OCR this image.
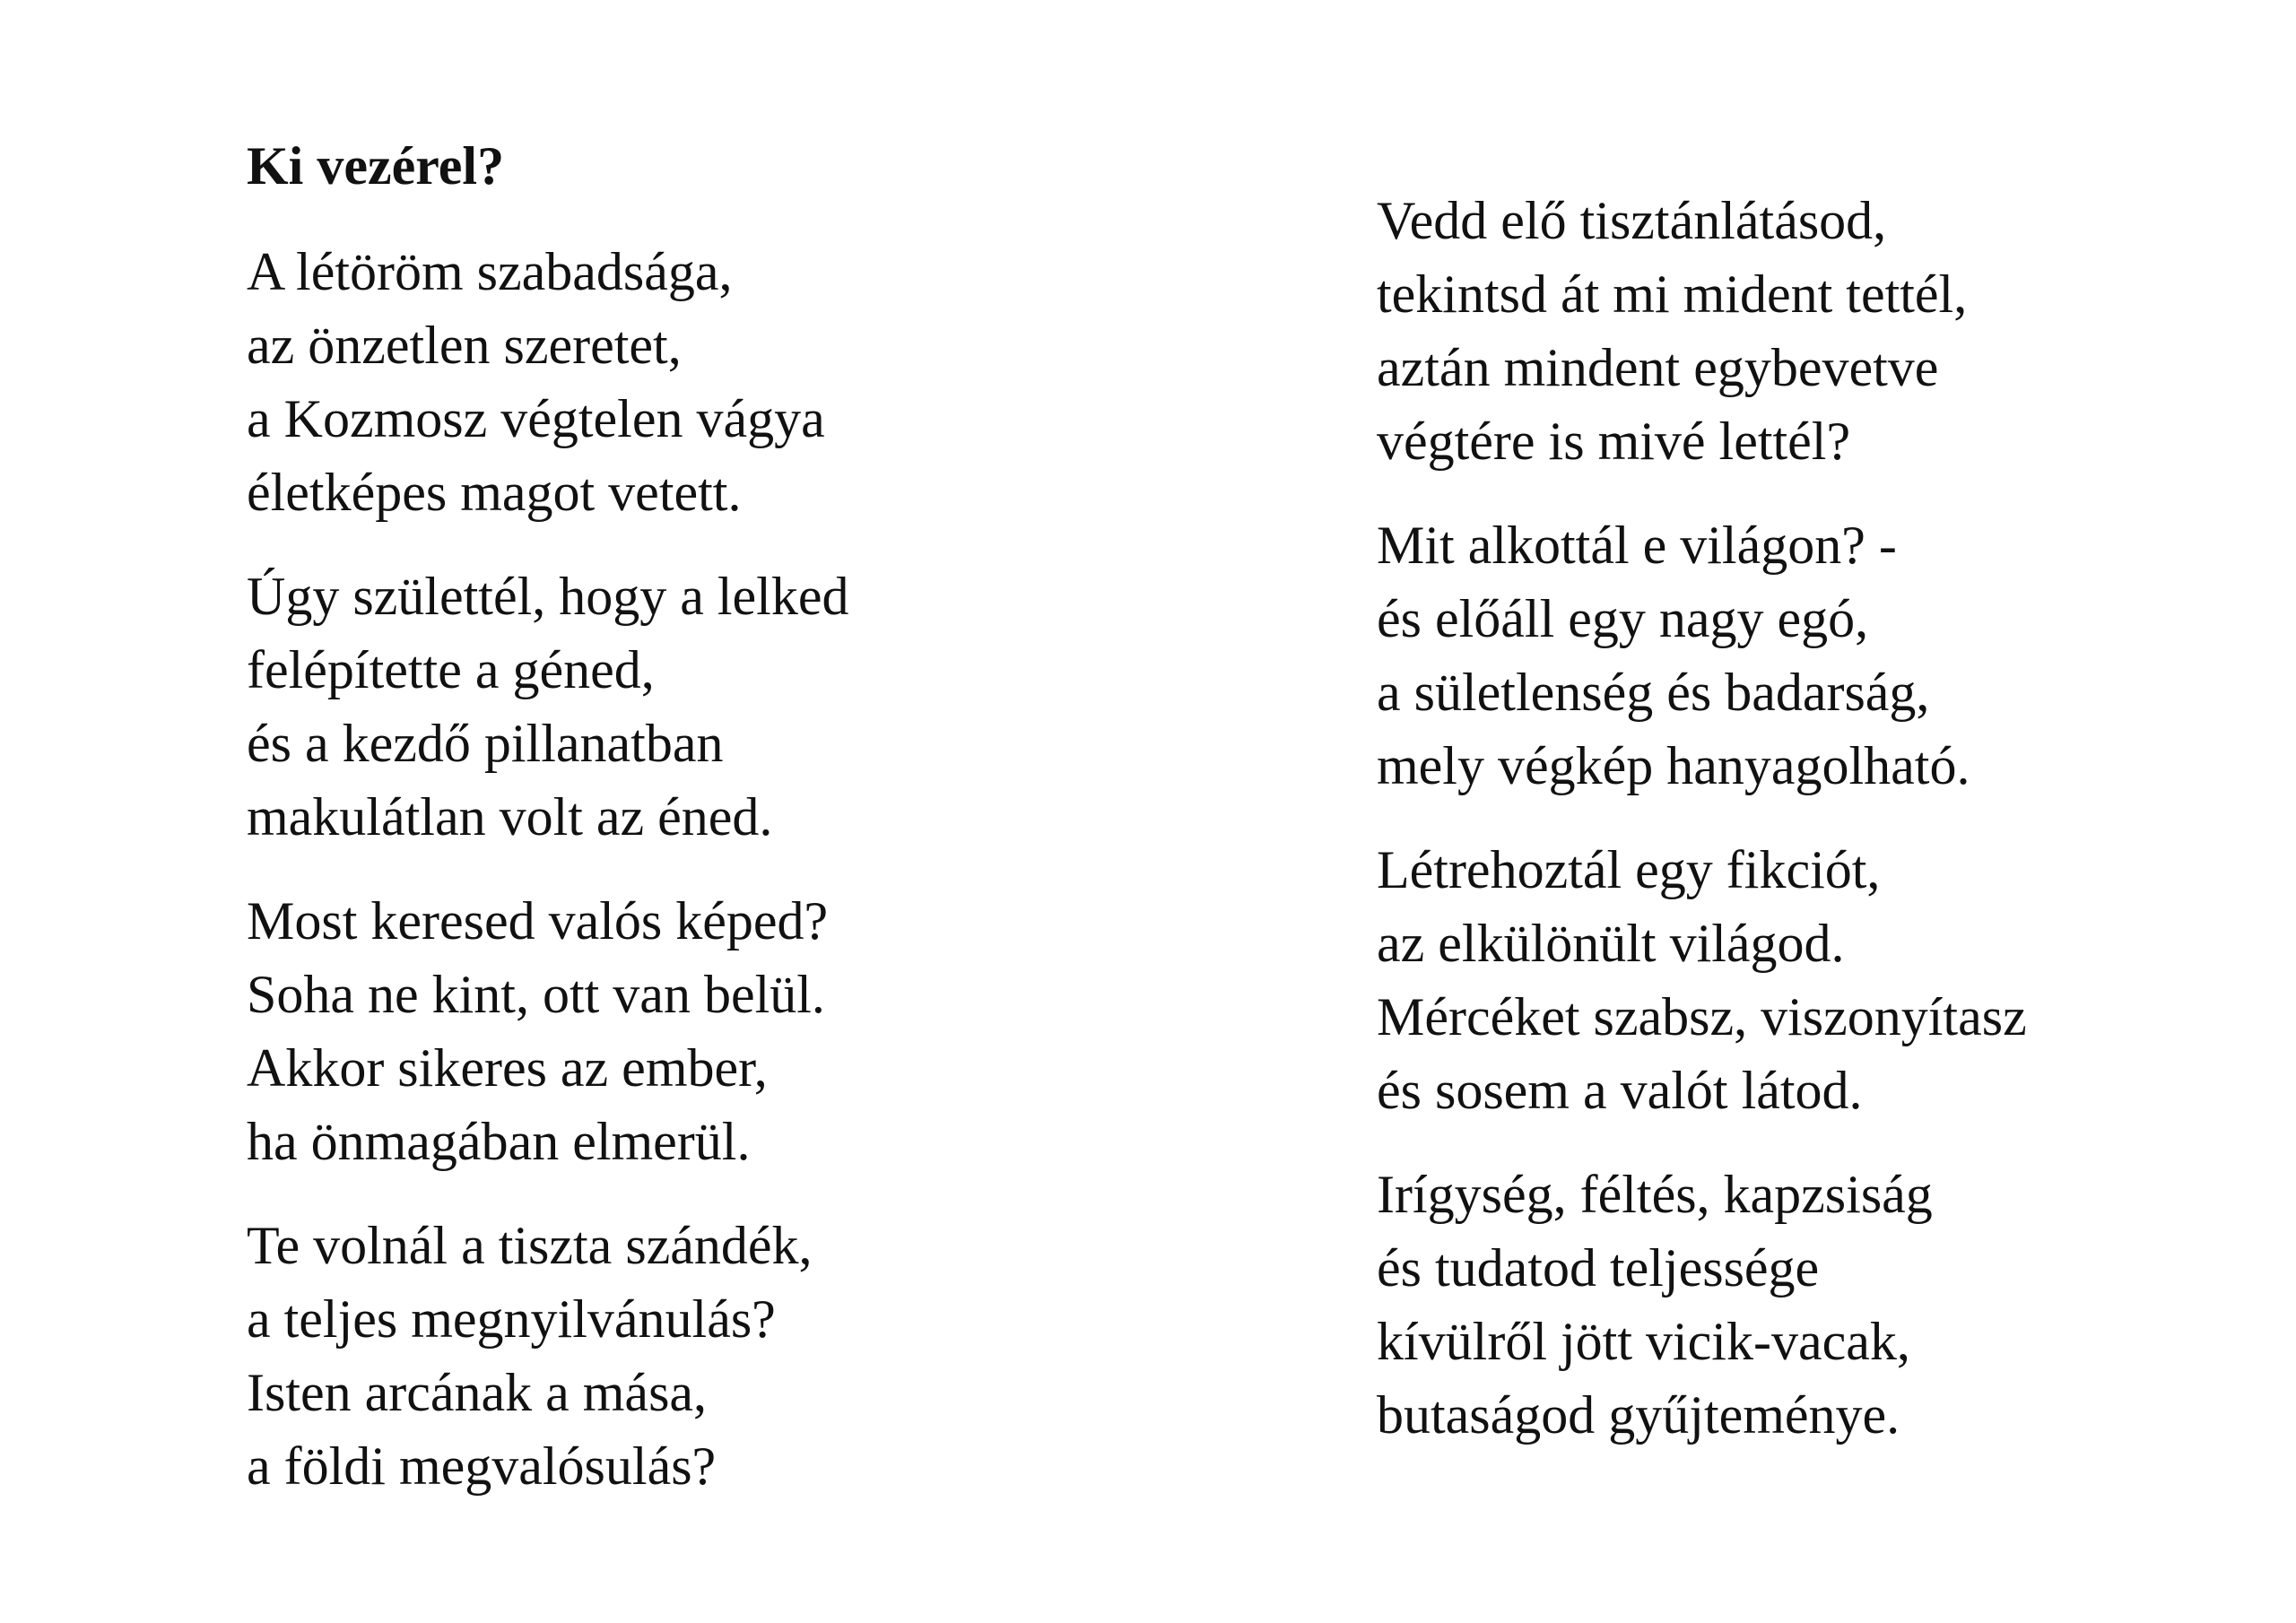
Ki vezérel?

A létöröm szabadsága,
az önzetlen szeretet,
a Kozmosz végtelen vágya
életképes magot vetett.

Úgy születtél, hogy a lelked
felépítette a géned,
és a kezdő pillanatban
makulátlan volt az éned.

Most keresed valós képed?
Soha ne kint, ott van belül.
Akkor sikeres az ember,
ha önmagában elmerül.

Te volnál a tiszta szándék,
a teljes megnyilvánulás?
Isten arcának a mása,
a földi megvalósulás?

Vedd elő tisztánlátásod,
tekintsd át mi mident tettél,
aztán mindent egybevetve
végtére is mivé lettél?

Mit alkottál e világon? -
és előáll egy nagy egó,
a sületlenség és badarság,
mely végkép hanyagolható.

Létrehoztál egy fikciót,
az elkülönült világod.
Mércéket szabsz, viszonyítasz
és sosem a valót látod.

Irígység, féltés, kapzsiság
és tudatod teljessége
kívülről jött vicik-vacak,
butaságod gyűjteménye.
